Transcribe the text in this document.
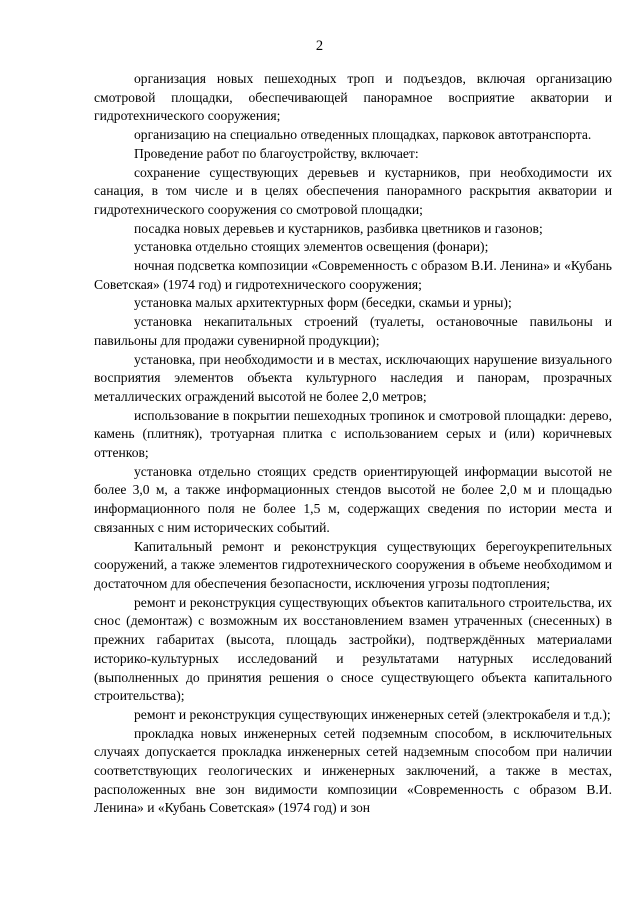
2

организация новых пешеходных троп и подъездов, включая организацию смотровой площадки, обеспечивающей панорамное восприятие акватории и гидротехнического сооружения;

организацию на специально отведенных площадках, парковок автотранспорта.

Проведение работ по благоустройству, включает:

сохранение существующих деревьев и кустарников, при необходимости их санация, в том числе и в целях обеспечения панорамного раскрытия акватории и гидротехнического сооружения со смотровой площадки;

посадка новых деревьев и кустарников, разбивка цветников и газонов;

установка отдельно стоящих элементов освещения (фонари);

ночная подсветка композиции «Современность с образом В.И. Ленина» и «Кубань Советская» (1974 год) и гидротехнического сооружения;

установка малых архитектурных форм (беседки, скамьи и урны);

установка некапитальных строений (туалеты, остановочные павильоны и павильоны для продажи сувенирной продукции);

установка, при необходимости и в местах, исключающих нарушение визуального восприятия элементов объекта культурного наследия и панорам, прозрачных металлических ограждений высотой не более 2,0 метров;

использование в покрытии пешеходных тропинок и смотровой площадки: дерево, камень (плитняк), тротуарная плитка с использованием серых и (или) коричневых оттенков;

установка отдельно стоящих средств ориентирующей информации высотой не более 3,0 м, а также информационных стендов высотой не более 2,0 м и площадью информационного поля не более 1,5 м, содержащих сведения по истории места и связанных с ним исторических событий.

Капитальный ремонт и реконструкция существующих берегоукрепительных сооружений, а также элементов гидротехнического сооружения в объеме необходимом и достаточном для обеспечения безопасности, исключения угрозы подтопления;

ремонт и реконструкция существующих объектов капитального строительства, их снос (демонтаж) с возможным их восстановлением взамен утраченных (снесенных) в прежних габаритах (высота, площадь застройки), подтверждённых материалами историко-культурных исследований и результатами натурных исследований (выполненных до принятия решения о сносе существующего объекта капитального строительства);

ремонт и реконструкция существующих инженерных сетей (электрокабеля и т.д.);

прокладка новых инженерных сетей подземным способом, в исключительных случаях допускается прокладка инженерных сетей надземным способом при наличии соответствующих геологических и инженерных заключений, а также в местах, расположенных вне зон видимости композиции «Современность с образом В.И. Ленина» и «Кубань Советская» (1974 год) и зон
